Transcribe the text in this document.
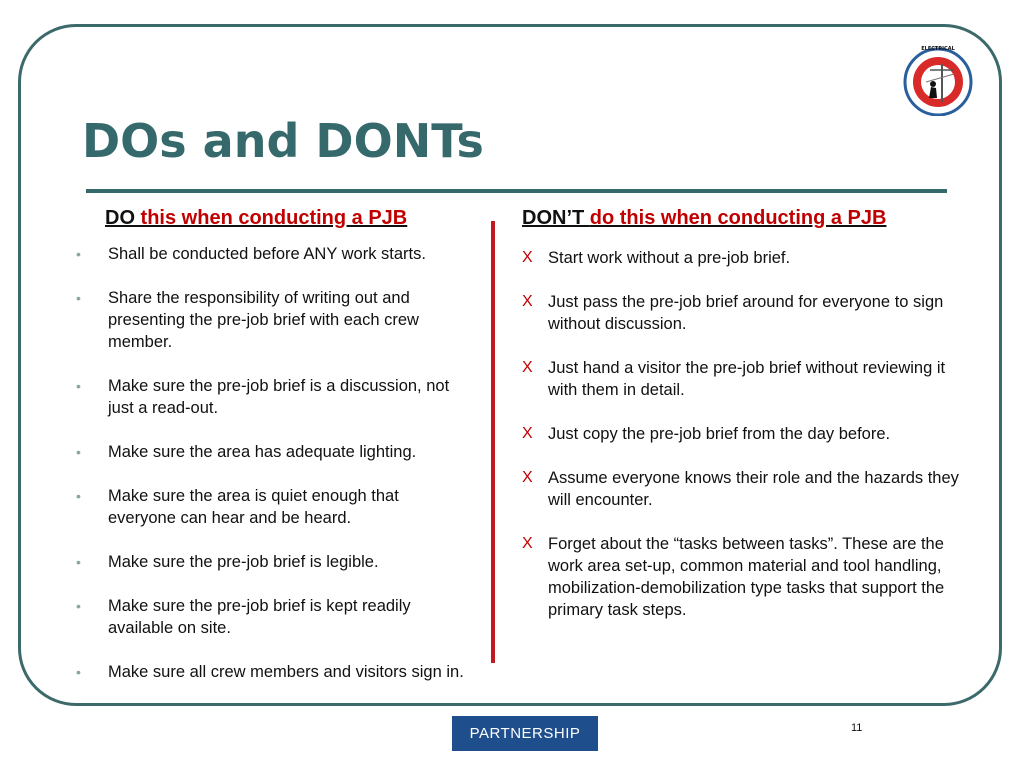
DOs and DONTs
ELECTRICAL
DO this when conducting a PJB	DON’T do this when conducting a PJB
• Shall be conducted before ANY work starts.
• Share the responsibility of writing out and presenting the pre-job brief with each crew member.
• Make sure the pre-job brief is a discussion, not just a read-out.
• Make sure the area has adequate lighting.
• Make sure the area is quiet enough that everyone can hear and be heard.
• Make sure the pre-job brief is legible.
• Make sure the pre-job brief is kept readily available on site.
• Make sure all crew members and visitors sign in.
X Start work without a pre-job brief.
X Just pass the pre-job brief around for everyone to sign without discussion.
X Just hand a visitor the pre-job brief without reviewing it with them in detail.
X Just copy the pre-job brief from the day before.
X Assume everyone knows their role and the hazards they will encounter.
X Forget about the “tasks between tasks”. These are the work area set-up, common material and tool handling, mobilization-demobilization type tasks that support the primary task steps.
PARTNERSHIP	11
